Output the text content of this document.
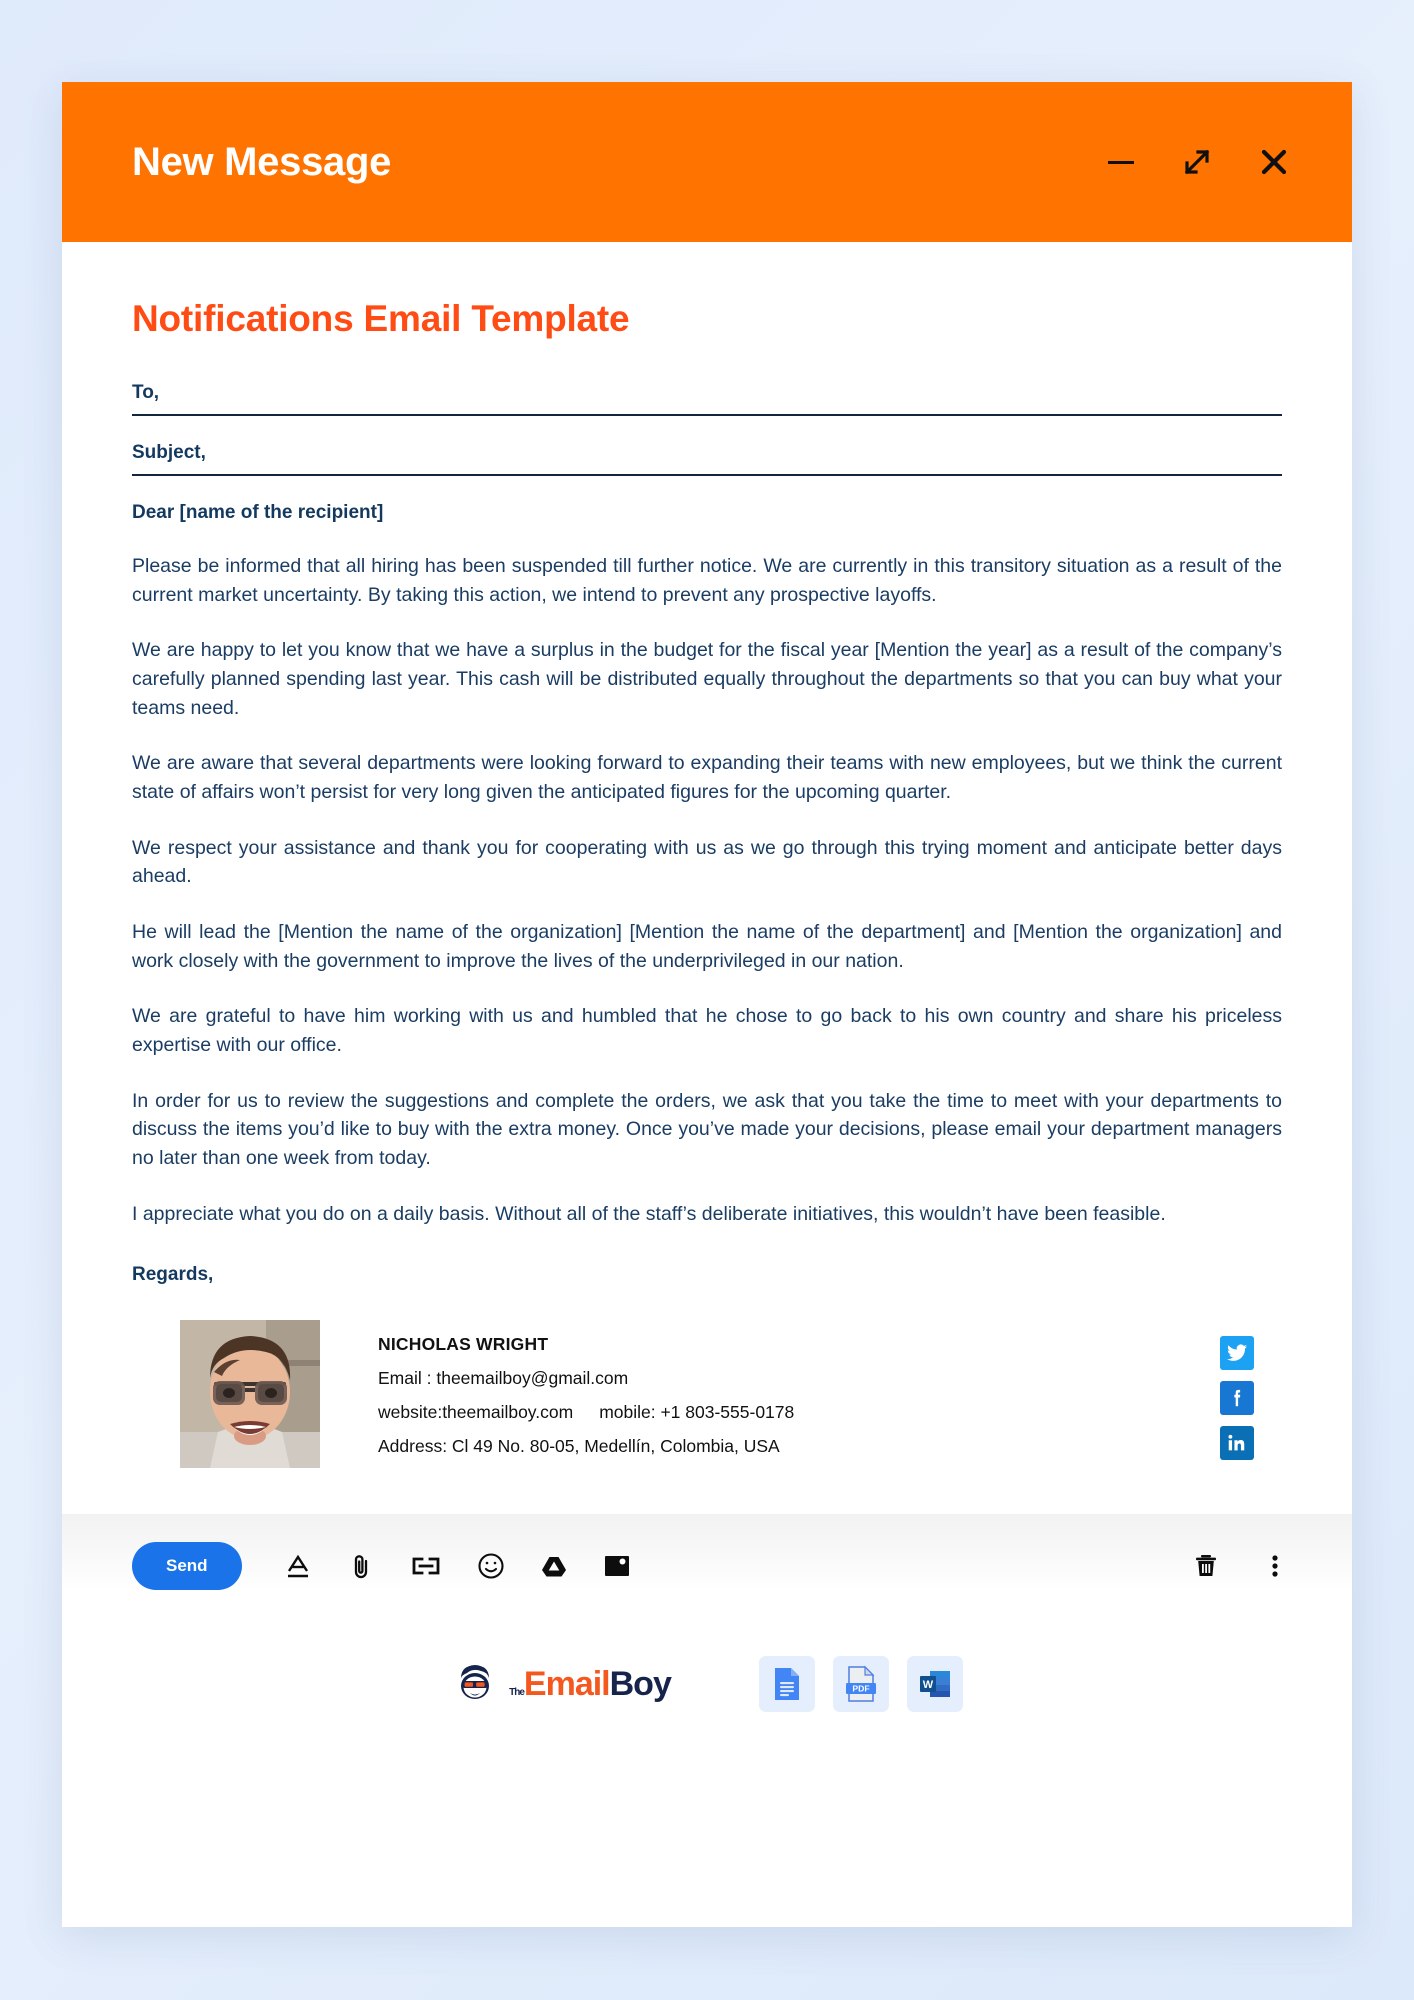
New Message
Notifications Email Template
To,
Subject,
Dear [name of the recipient]
Please be informed that all hiring has been suspended till further notice. We are currently in this transitory situation as a result of the current market uncertainty. By taking this action, we intend to prevent any prospective layoffs.
We are happy to let you know that we have a surplus in the budget for the fiscal year [Mention the year] as a result of the company’s carefully planned spending last year. This cash will be distributed equally throughout the departments so that you can buy what your teams need.
We are aware that several departments were looking forward to expanding their teams with new employees, but we think the current state of affairs won’t persist for very long given the anticipated figures for the upcoming quarter.
We respect your assistance and thank you for cooperating with us as we go through this trying moment and anticipate better days ahead.
He will lead the [Mention the name of the organization] [Mention the name of the department] and [Mention the organization] and work closely with the government to improve the lives of the underprivileged in our nation.
We are grateful to have him working with us and humbled that he chose to go back to his own country and share his priceless expertise with our office.
In order for us to review the suggestions and complete the orders, we ask that you take the time to meet with your departments to discuss the items you’d like to buy with the extra money. Once you’ve made your decisions, please email your department managers no later than one week from today.
I appreciate what you do on a daily basis. Without all of the staff’s deliberate initiatives, this wouldn’t have been feasible.
Regards,
NICHOLAS WRIGHT
Email : theemailboy@gmail.com
website:theemailboy.com mobile: +1 803-555-0178
Address: Cl 49 No. 80-05, Medellín, Colombia, USA
Send
TheEmailBoy	PDF	W
